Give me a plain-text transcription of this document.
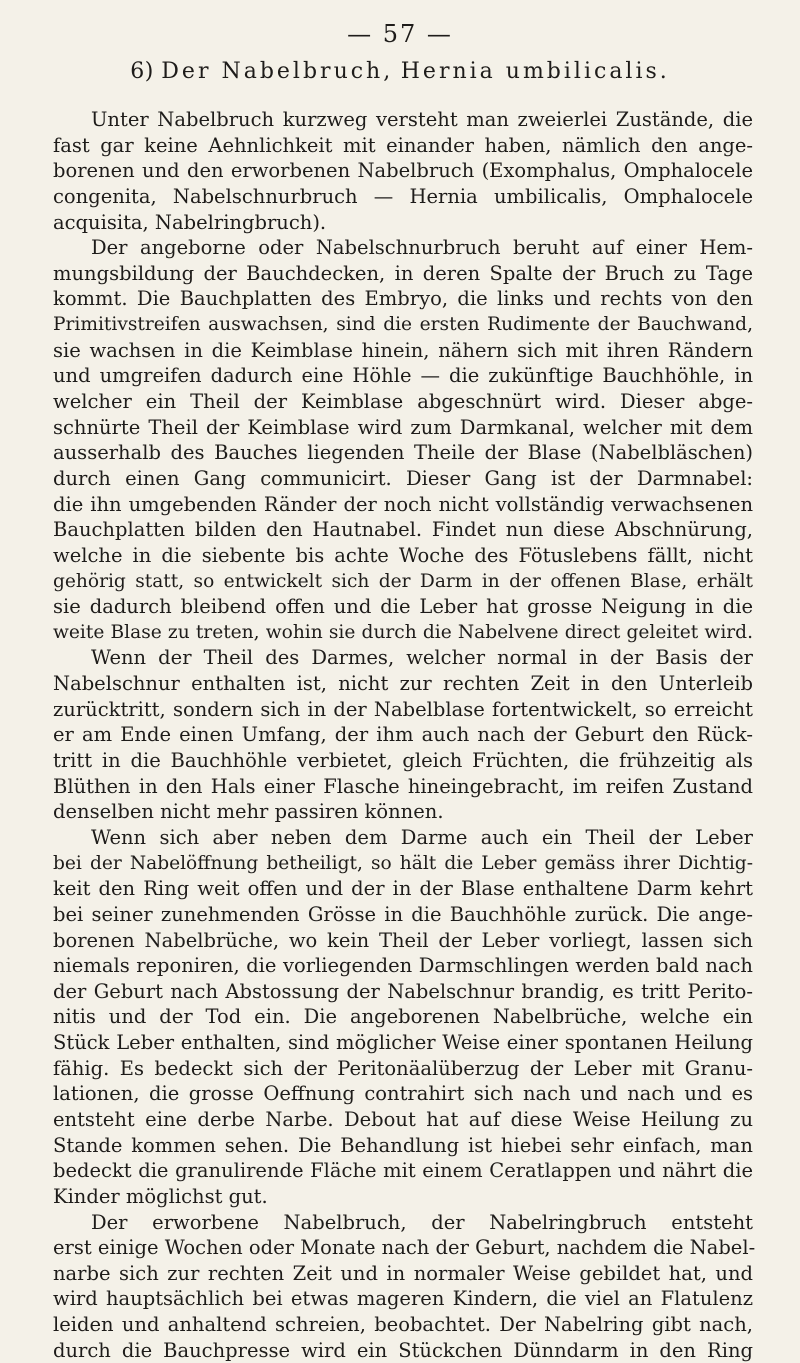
— 57 —
6) Der Nabelbruch, Hernia umbilicalis.
Unter Nabelbruch kurzweg versteht man zweierlei Zustände, die
fast gar keine Aehnlichkeit mit einander haben, nämlich den ange-
borenen und den erworbenen Nabelbruch (Exomphalus, Omphalocele
congenita, Nabelschnurbruch — Hernia umbilicalis, Omphalocele
acquisita, Nabelringbruch).
Der angeborne oder Nabelschnurbruch beruht auf einer Hem-
mungsbildung der Bauchdecken, in deren Spalte der Bruch zu Tage
kommt. Die Bauchplatten des Embryo, die links und rechts von den
Primitivstreifen auswachsen, sind die ersten Rudimente der Bauchwand,
sie wachsen in die Keimblase hinein, nähern sich mit ihren Rändern
und umgreifen dadurch eine Höhle — die zukünftige Bauchhöhle, in
welcher ein Theil der Keimblase abgeschnürt wird. Dieser abge-
schnürte Theil der Keimblase wird zum Darmkanal, welcher mit dem
ausserhalb des Bauches liegenden Theile der Blase (Nabelbläschen)
durch einen Gang communicirt. Dieser Gang ist der Darmnabel:
die ihn umgebenden Ränder der noch nicht vollständig verwachsenen
Bauchplatten bilden den Hautnabel. Findet nun diese Abschnürung,
welche in die siebente bis achte Woche des Fötuslebens fällt, nicht
gehörig statt, so entwickelt sich der Darm in der offenen Blase, erhält
sie dadurch bleibend offen und die Leber hat grosse Neigung in die
weite Blase zu treten, wohin sie durch die Nabelvene direct geleitet wird.
Wenn der Theil des Darmes, welcher normal in der Basis der
Nabelschnur enthalten ist, nicht zur rechten Zeit in den Unterleib
zurücktritt, sondern sich in der Nabelblase fortentwickelt, so erreicht
er am Ende einen Umfang, der ihm auch nach der Geburt den Rück-
tritt in die Bauchhöhle verbietet, gleich Früchten, die frühzeitig als
Blüthen in den Hals einer Flasche hineingebracht, im reifen Zustand
denselben nicht mehr passiren können.
Wenn sich aber neben dem Darme auch ein Theil der Leber
bei der Nabelöffnung betheiligt, so hält die Leber gemäss ihrer Dichtig-
keit den Ring weit offen und der in der Blase enthaltene Darm kehrt
bei seiner zunehmenden Grösse in die Bauchhöhle zurück. Die ange-
borenen Nabelbrüche, wo kein Theil der Leber vorliegt, lassen sich
niemals reponiren, die vorliegenden Darmschlingen werden bald nach
der Geburt nach Abstossung der Nabelschnur brandig, es tritt Perito-
nitis und der Tod ein. Die angeborenen Nabelbrüche, welche ein
Stück Leber enthalten, sind möglicher Weise einer spontanen Heilung
fähig. Es bedeckt sich der Peritonäalüberzug der Leber mit Granu-
lationen, die grosse Oeffnung contrahirt sich nach und nach und es
entsteht eine derbe Narbe. Debout hat auf diese Weise Heilung zu
Stande kommen sehen. Die Behandlung ist hiebei sehr einfach, man
bedeckt die granulirende Fläche mit einem Ceratlappen und nährt die
Kinder möglichst gut.
Der erworbene Nabelbruch, der Nabelringbruch entsteht
erst einige Wochen oder Monate nach der Geburt, nachdem die Nabel-
narbe sich zur rechten Zeit und in normaler Weise gebildet hat, und
wird hauptsächlich bei etwas mageren Kindern, die viel an Flatulenz
leiden und anhaltend schreien, beobachtet. Der Nabelring gibt nach,
durch die Bauchpresse wird ein Stückchen Dünndarm in den Ring
